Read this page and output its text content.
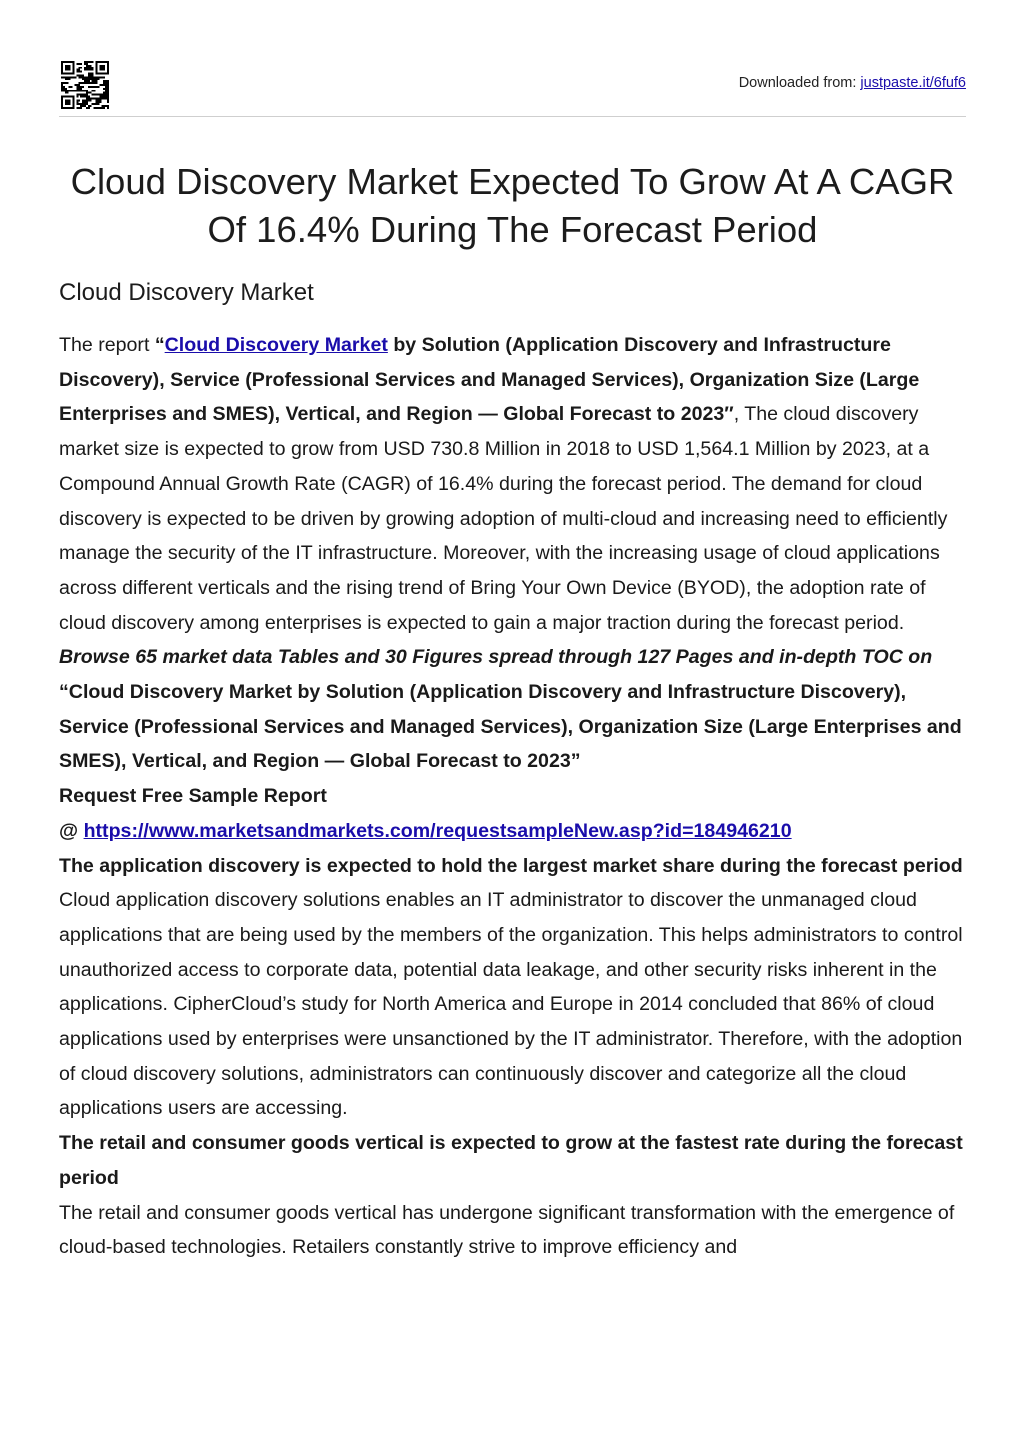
Downloaded from: justpaste.it/6fuf6
Cloud Discovery Market Expected To Grow At A CAGR Of 16.4% During The Forecast Period
Cloud Discovery Market

The report “Cloud Discovery Market by Solution (Application Discovery and Infrastructure Discovery), Service (Professional Services and Managed Services), Organization Size (Large Enterprises and SMES), Vertical, and Region — Global Forecast to 2023″, The cloud discovery market size is expected to grow from USD 730.8 Million in 2018 to USD 1,564.1 Million by 2023, at a Compound Annual Growth Rate (CAGR) of 16.4% during the forecast period. The demand for cloud discovery is expected to be driven by growing adoption of multi-cloud and increasing need to efficiently manage the security of the IT infrastructure. Moreover, with the increasing usage of cloud applications across different verticals and the rising trend of Bring Your Own Device (BYOD), the adoption rate of cloud discovery among enterprises is expected to gain a major traction during the forecast period.

Browse 65 market data Tables and 30 Figures spread through 127 Pages and in-depth TOC on “Cloud Discovery Market by Solution (Application Discovery and Infrastructure Discovery), Service (Professional Services and Managed Services), Organization Size (Large Enterprises and SMES), Vertical, and Region — Global Forecast to 2023”

Request Free Sample Report

@ https://www.marketsandmarkets.com/requestsampleNew.asp?id=184946210

The application discovery is expected to hold the largest market share during the forecast period

Cloud application discovery solutions enables an IT administrator to discover the unmanaged cloud applications that are being used by the members of the organization. This helps administrators to control unauthorized access to corporate data, potential data leakage, and other security risks inherent in the applications. CipherCloud’s study for North America and Europe in 2014 concluded that 86% of cloud applications used by enterprises were unsanctioned by the IT administrator. Therefore, with the adoption of cloud discovery solutions, administrators can continuously discover and categorize all the cloud applications users are accessing.

The retail and consumer goods vertical is expected to grow at the fastest rate during the forecast period

The retail and consumer goods vertical has undergone significant transformation with the emergence of cloud-based technologies. Retailers constantly strive to improve efficiency and
